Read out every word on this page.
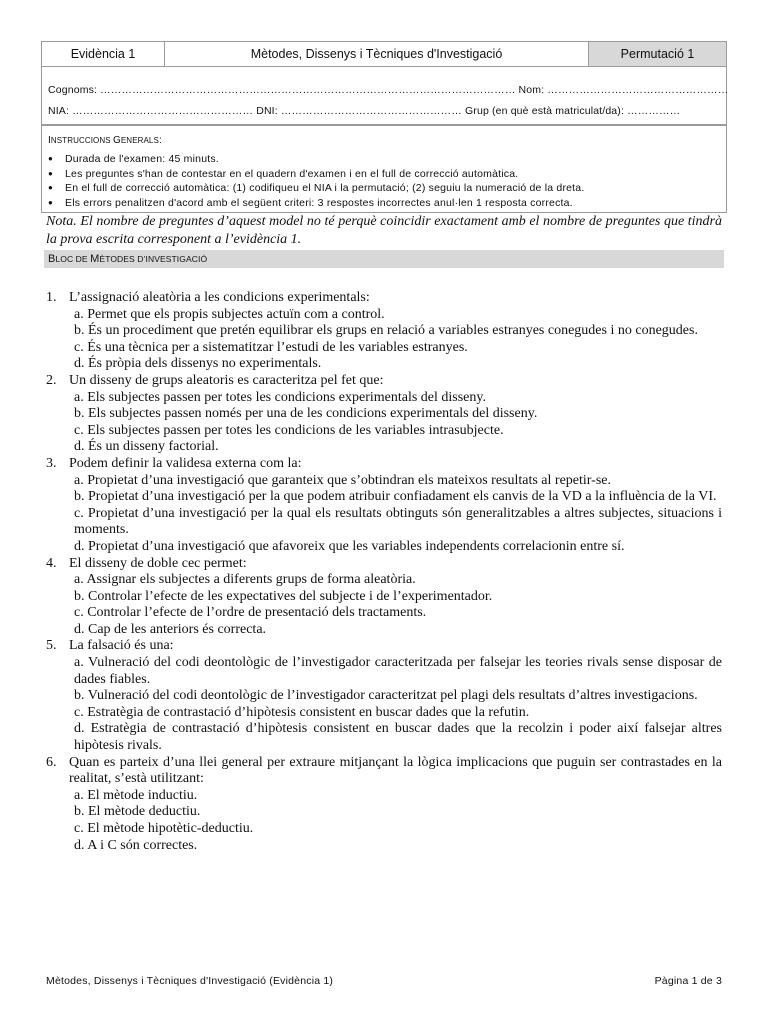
Evidència 1	Mètodes, Dissenys i Tècniques d'Investigació	Permutació 1
Cognoms: ……………………………………………………………………………………………………… Nom: ……………………………………………
NIA: …………………………………………… DNI: …………………………………………… Grup (en què està matriculat/da): ……………
INSTRUCCIONS GENERALS:
● Durada de l'examen: 45 minuts.
● Les preguntes s'han de contestar en el quadern d'examen i en el full de correcció automàtica.
● En el full de correcció automàtica: (1) codifiqueu el NIA i la permutació; (2) seguiu la numeració de la dreta.
● Els errors penalitzen d'acord amb el següent criteri: 3 respostes incorrectes anul·len 1 resposta correcta.
Nota. El nombre de preguntes d’aquest model no té perquè coincidir exactament amb el nombre de preguntes que tindrà la prova escrita corresponent a l’evidència 1.
BLOC DE MÈTODES D’INVESTIGACIÓ
1. L’assignació aleatòria a les condicions experimentals:
a. Permet que els propis subjectes actuïn com a control.
b. És un procediment que pretén equilibrar els grups en relació a variables estranyes conegudes i no conegudes.
c. És una tècnica per a sistematitzar l’estudi de les variables estranyes.
d. És pròpia dels dissenys no experimentals.
2. Un disseny de grups aleatoris es caracteritza pel fet que:
a. Els subjectes passen per totes les condicions experimentals del disseny.
b. Els subjectes passen només per una de les condicions experimentals del disseny.
c. Els subjectes passen per totes les condicions de les variables intrasubjecte.
d. És un disseny factorial.
3. Podem definir la validesa externa com la:
a. Propietat d’una investigació que garanteix que s’obtindran els mateixos resultats al repetir-se.
b. Propietat d’una investigació per la que podem atribuir confiadament els canvis de la VD a la influència de la VI.
c. Propietat d’una investigació per la qual els resultats obtinguts són generalitzables a altres subjectes, situacions i moments.
d. Propietat d’una investigació que afavoreix que les variables independents correlacionin entre sí.
4. El disseny de doble cec permet:
a. Assignar els subjectes a diferents grups de forma aleatòria.
b. Controlar l’efecte de les expectatives del subjecte i de l’experimentador.
c. Controlar l’efecte de l’ordre de presentació dels tractaments.
d. Cap de les anteriors és correcta.
5. La falsació és una:
a. Vulneració del codi deontològic de l’investigador caracteritzada per falsejar les teories rivals sense disposar de dades fiables.
b. Vulneració del codi deontològic de l’investigador caracteritzat pel plagi dels resultats d’altres investigacions.
c. Estratègia de contrastació d’hipòtesis consistent en buscar dades que la refutin.
d. Estratègia de contrastació d’hipòtesis consistent en buscar dades que la recolzin i poder així falsejar altres hipòtesis rivals.
6. Quan es parteix d’una llei general per extraure mitjançant la lògica implicacions que puguin ser contrastades en la realitat, s’està utilitzant:
a. El mètode inductiu.
b. El mètode deductiu.
c. El mètode hipotètic-deductiu.
d. A i C són correctes.
Mètodes, Dissenys i Tècniques d'Investigació (Evidència 1)	Pàgina 1 de 3
